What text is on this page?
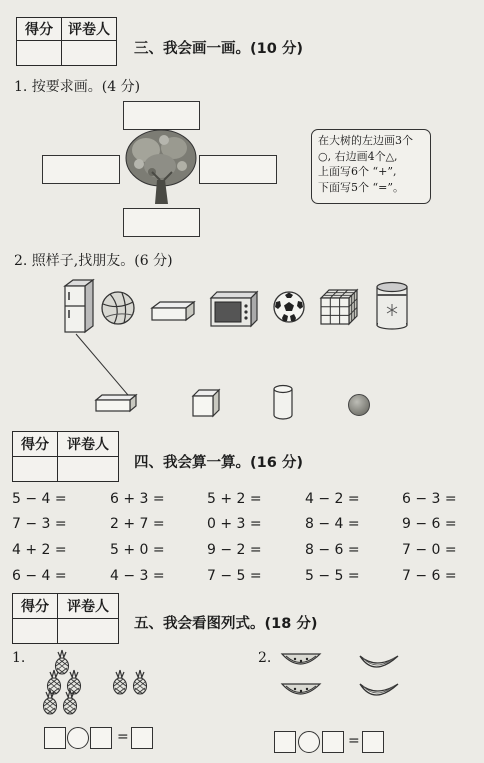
得分	评卷人

三、我会画一画。(10 分)
1. 按要求画。(4 分)
在大树的左边画3个
○, 右边画4个△,
上面写6个 “+”,
下面写5个 “=”。
2. 照样子,找朋友。(6 分)
得分	评卷人

四、我会算一算。(16 分)
5 − 4 =	6 + 3 =	5 + 2 =	4 − 2 =	6 − 3 =
7 − 3 =	2 + 7 =	0 + 3 =	8 − 4 =	9 − 6 =
4 + 2 =	5 + 0 =	9 − 2 =	8 − 6 =	7 − 0 =
6 − 4 =	4 − 3 =	7 − 5 =	5 − 5 =	7 − 6 =
得分	评卷人

五、我会看图列式。(18 分)
1.	2.
=	=
